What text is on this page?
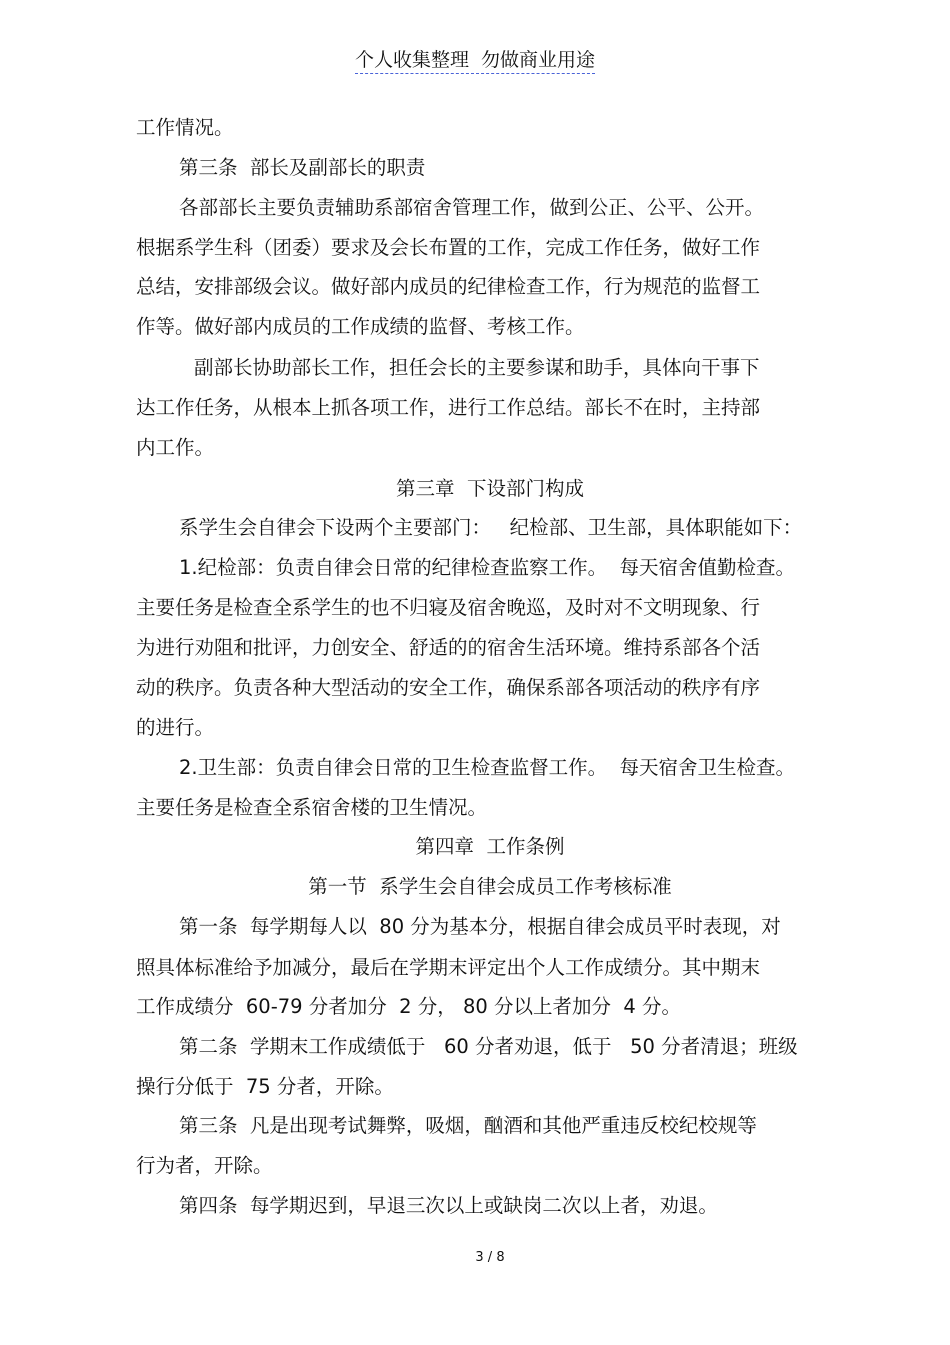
个人收集整理  勿做商业用途
工作情况。
第三条  部长及副部长的职责
各部部长主要负责辅助系部宿舍管理工作，做到公正、公平、公开。
根据系学生科（团委）要求及会长布置的工作，完成工作任务，做好工作
总结，安排部级会议。做好部内成员的纪律检查工作，行为规范的监督工
作等。做好部内成员的工作成绩的监督、考核工作。
副部长协助部长工作，担任会长的主要参谋和助手，具体向干事下
达工作任务，从根本上抓各项工作，进行工作总结。部长不在时，主持部
内工作。
第三章  下设部门构成
系学生会自律会下设两个主要部门：   纪检部、卫生部，具体职能如下：
1.纪检部：负责自律会日常的纪律检查监察工作。  每天宿舍值勤检查。
主要任务是检查全系学生的也不归寝及宿舍晚巡，及时对不文明现象、行
为进行劝阻和批评，力创安全、舒适的的宿舍生活环境。维持系部各个活
动的秩序。负责各种大型活动的安全工作，确保系部各项活动的秩序有序
的进行。
2.卫生部：负责自律会日常的卫生检查监督工作。  每天宿舍卫生检查。
主要任务是检查全系宿舍楼的卫生情况。
第四章  工作条例
第一节  系学生会自律会成员工作考核标准
第一条  每学期每人以  80 分为基本分，根据自律会成员平时表现，对
照具体标准给予加减分，最后在学期末评定出个人工作成绩分。其中期末
工作成绩分  60-79 分者加分  2 分， 80 分以上者加分  4 分。
第二条  学期末工作成绩低于   60 分者劝退，低于   50 分者清退；班级
操行分低于  75 分者，开除。
第三条  凡是出现考试舞弊，吸烟，酗酒和其他严重违反校纪校规等
行为者，开除。
第四条  每学期迟到，早退三次以上或缺岗二次以上者，劝退。
3 / 8
